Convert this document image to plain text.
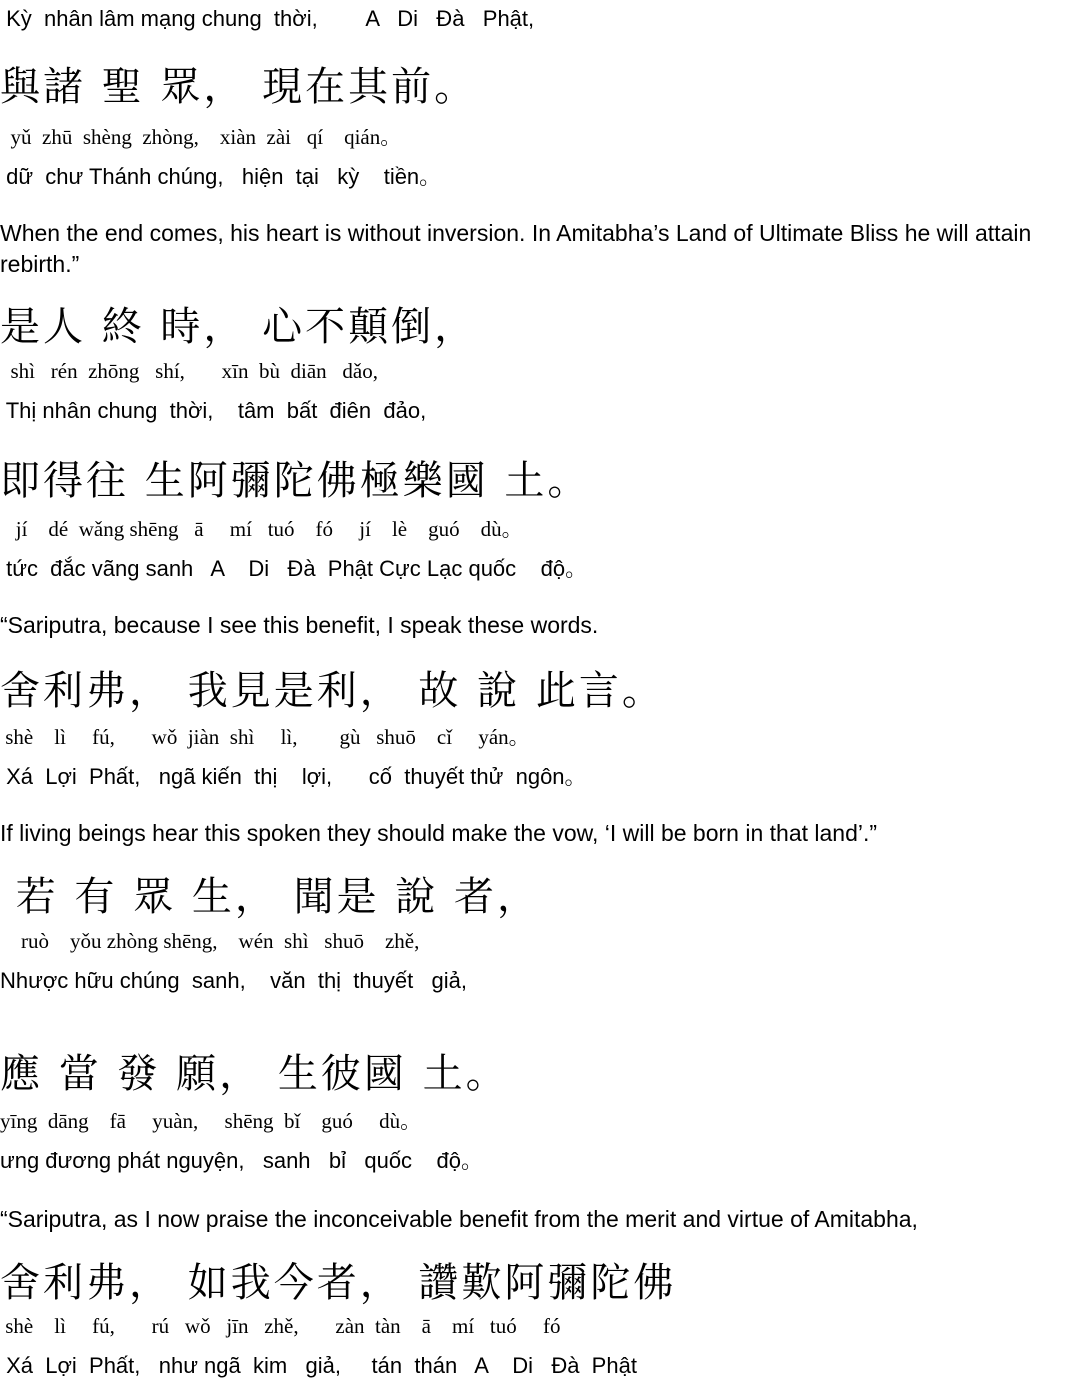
Kỳ  nhân lâm mạng chung  thời,        A   Di   Đà   Phật,

與諸 聖 眾， 現在其前。

yǔ  zhū  shèng  zhòng,    xiàn  zài   qí    qián。

dữ  chư Thánh chúng,   hiện  tại   kỳ    tiền。

When the end comes, his heart is without inversion. In Amitabha’s Land of Ultimate Bliss he will attain rebirth.”

是人 終 時， 心不顛倒，

shì   rén  zhōng   shí,       xīn  bù  diān   dǎo,

Thị nhân chung  thời,    tâm  bất  điên  đảo,

即得往 生阿彌陀佛極樂國 土。

jí    dé  wǎng shēng   ā     mí   tuó    fó     jí    lè    guó    dù。

tức  đắc vãng sanh   A    Di   Đà  Phật Cực Lạc quốc    độ。

“Sariputra, because I see this benefit, I speak these words.

舍利弗， 我見是利， 故 說 此言。

shè    lì     fú,       wǒ  jiàn  shì     lì,        gù   shuō    cǐ     yán。

Xá  Lợi  Phất,   ngã kiến  thị    lợi,      cố  thuyết thử  ngôn。

If living beings hear this spoken they should make the vow, ‘I will be born in that land’.”

若 有 眾 生， 聞是 說 者，

ruò    yǒu zhòng shēng,    wén  shì   shuō    zhě,

Nhược hữu chúng  sanh,    văn  thị  thuyết   giả,

應 當 發 願， 生彼國 土。

yīng  dāng    fā     yuàn,     shēng  bǐ    guó     dù。

ưng đương phát nguyện,   sanh   bỉ   quốc    độ。

“Sariputra, as I now praise the inconceivable benefit from the merit and virtue of Amitabha,

舍利弗， 如我今者， 讚歎阿彌陀佛

shè    lì     fú,       rú   wǒ   jīn   zhě,       zàn  tàn    ā    mí   tuó     fó

Xá  Lợi  Phất,   như ngã  kim   giả,     tán  thán   A    Di   Đà  Phật
